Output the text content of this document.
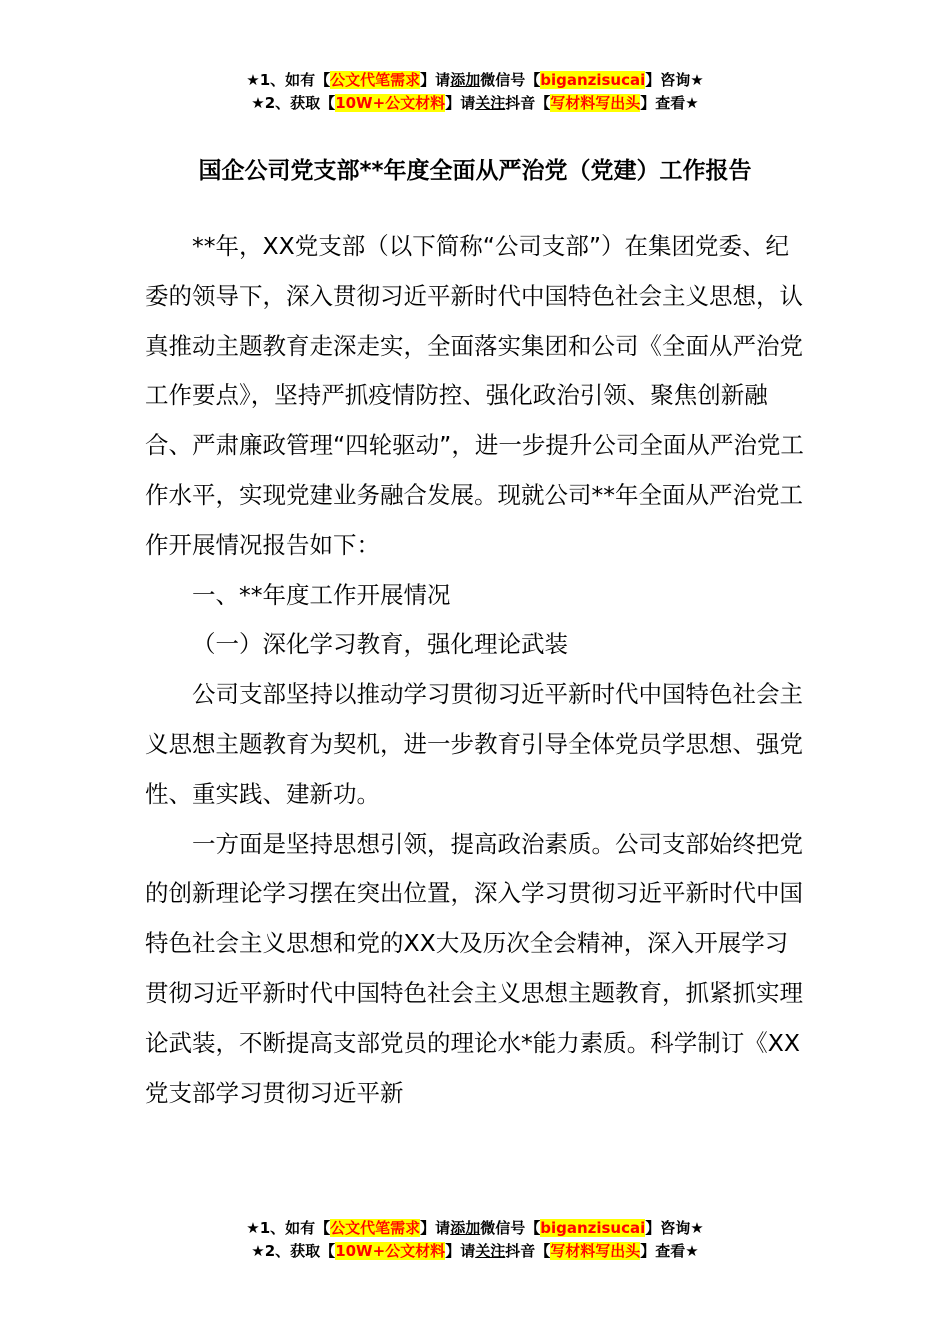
★1、如有【公文代笔需求】请添加微信号【biganzisucai】咨询★
★2、获取【10W+公文材料】请关注抖音【写材料写出头】查看★
国企公司党支部**年度全面从严治党（党建）工作报告

**年，XX党支部（以下简称“公司支部”）在集团党委、纪委的领导下，深入贯彻习近平新时代中国特色社会主义思想，认真推动主题教育走深走实，全面落实集团和公司《全面从严治党工作要点》，坚持严抓疫情防控、强化政治引领、聚焦创新融合、严肃廉政管理“四轮驱动”，进一步提升公司全面从严治党工作水平，实现党建业务融合发展。现就公司**年全面从严治党工作开展情况报告如下：

一、**年度工作开展情况

（一）深化学习教育，强化理论武装

公司支部坚持以推动学习贯彻习近平新时代中国特色社会主义思想主题教育为契机，进一步教育引导全体党员学思想、强党性、重实践、建新功。

一方面是坚持思想引领，提高政治素质。公司支部始终把党的创新理论学习摆在突出位置，深入学习贯彻习近平新时代中国特色社会主义思想和党的XX大及历次全会精神，深入开展学习贯彻习近平新时代中国特色社会主义思想主题教育，抓紧抓实理论武装，不断提高支部党员的理论水*能力素质。科学制订《XX党支部学习贯彻习近平新

★1、如有【公文代笔需求】请添加微信号【biganzisucai】咨询★
★2、获取【10W+公文材料】请关注抖音【写材料写出头】查看★
